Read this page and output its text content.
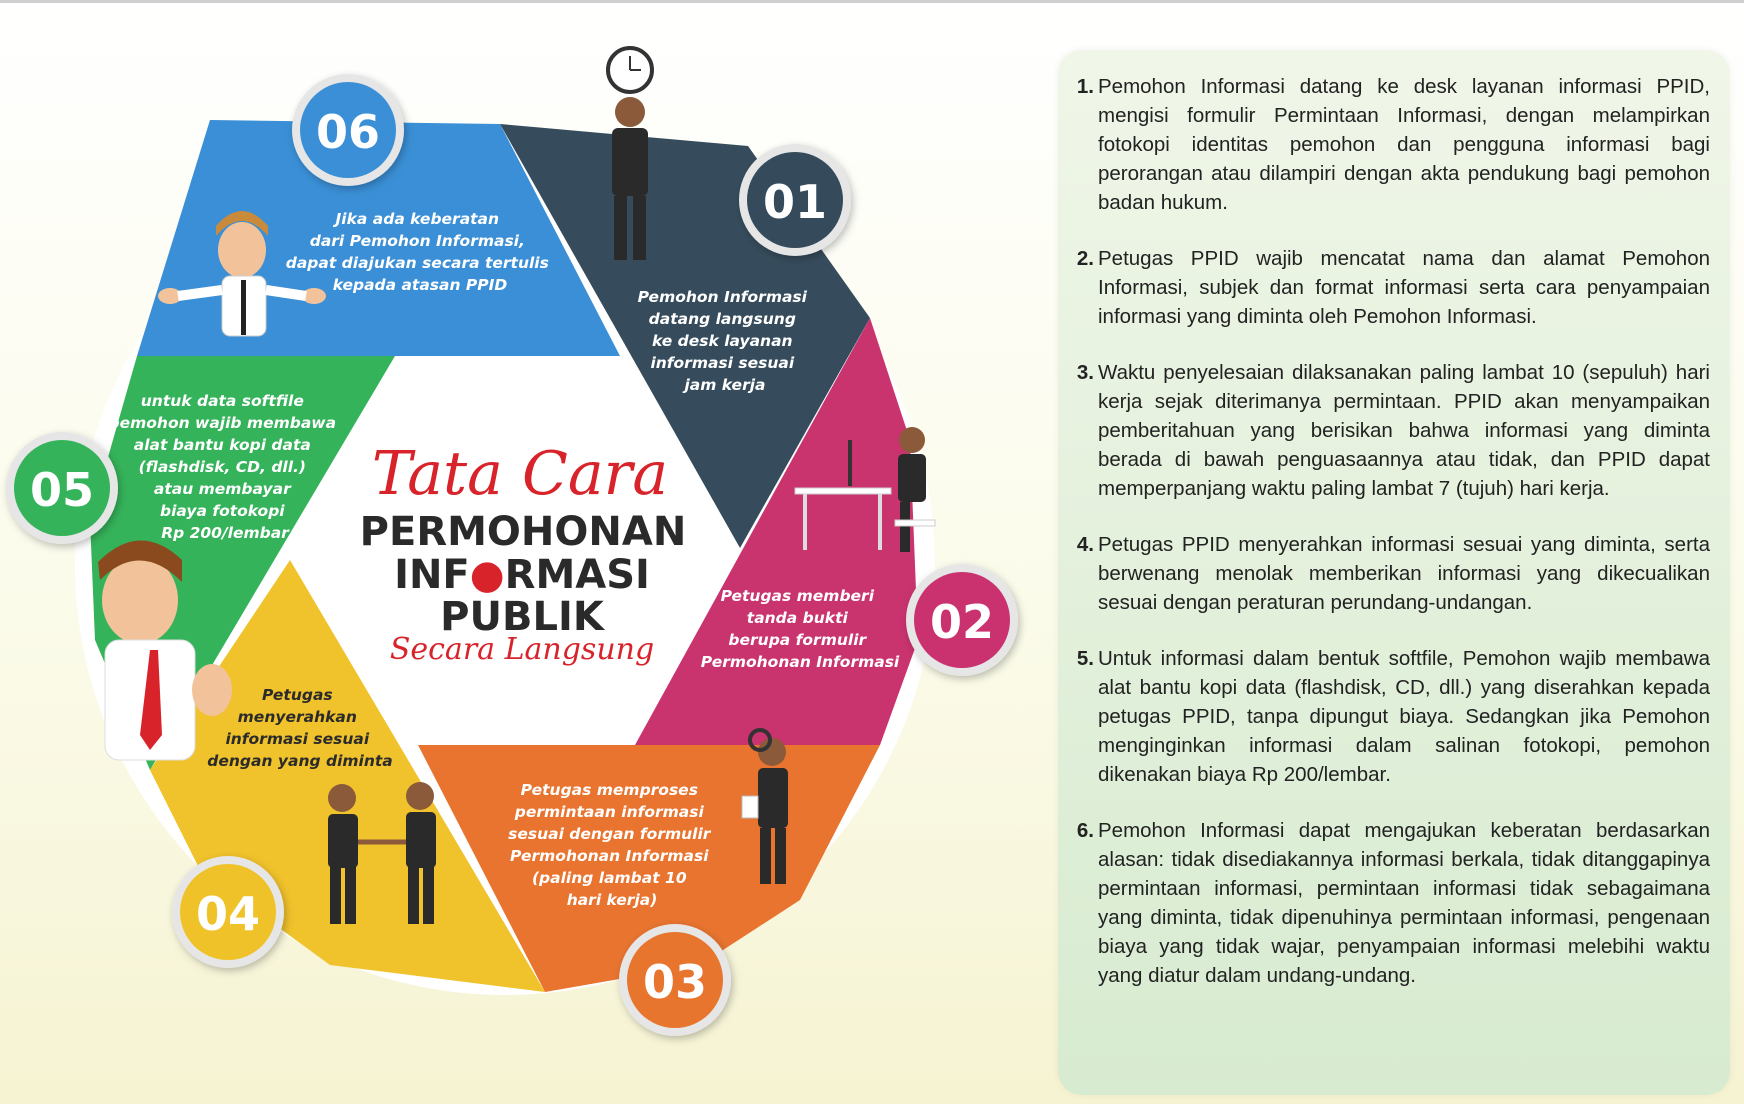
Jika ada keberatan dari Pemohon Informasi, dapat diajukan secara tertulis kepada atasan PPID
Pemohon Informasi datang langsung ke desk layanan informasi sesuai jam kerja
Petugas memberi tanda bukti berupa formulir Permohonan Informasi
Petugas memproses permintaan informasi sesuai dengan formulir Permohonan Informasi (paling lambat 10 hari kerja)
Petugas menyerahkan informasi sesuai dengan yang diminta
untuk data softfile pemohon wajib membawa alat bantu kopi data (flashdisk, CD, dll.) atau membayar biaya fotokopi Rp 200/lembar
06
01
02
03
04
05	Tata Cara
PERMOHONAN
INF●RMASI
PUBLIK
Secara Langsung
1. Pemohon Informasi datang ke desk layanan informasi PPID, mengisi formulir Permintaan Informasi, dengan melampirkan fotokopi identitas pemohon dan pengguna informasi bagi perorangan atau dilampiri dengan akta pendukung bagi pemohon badan hukum.
2. Petugas PPID wajib mencatat nama dan alamat Pemohon Informasi, subjek dan format informasi serta cara penyampaian informasi yang diminta oleh Pemohon Informasi.
3. Waktu penyelesaian dilaksanakan paling lambat 10 (sepuluh) hari kerja sejak diterimanya permintaan. PPID akan menyampaikan pemberitahuan yang berisikan bahwa informasi yang diminta berada di bawah penguasaannya atau tidak, dan PPID dapat memperpanjang waktu paling lambat 7 (tujuh) hari kerja.
4. Petugas PPID menyerahkan informasi sesuai yang diminta, serta berwenang menolak memberikan informasi yang dikecualikan sesuai dengan peraturan perundang-undangan.
5. Untuk informasi dalam bentuk softfile, Pemohon wajib membawa alat bantu kopi data (flashdisk, CD, dll.) yang diserahkan kepada petugas PPID, tanpa dipungut biaya. Sedangkan jika Pemohon menginginkan informasi dalam salinan fotokopi, pemohon dikenakan biaya Rp 200/lembar.
6. Pemohon Informasi dapat mengajukan keberatan berdasarkan alasan: tidak disediakannya informasi berkala, tidak ditanggapinya permintaan informasi, permintaan informasi tidak sebagaimana yang diminta, tidak dipenuhinya permintaan informasi, pengenaan biaya yang tidak wajar, penyampaian informasi melebihi waktu yang diatur dalam undang-undang.
